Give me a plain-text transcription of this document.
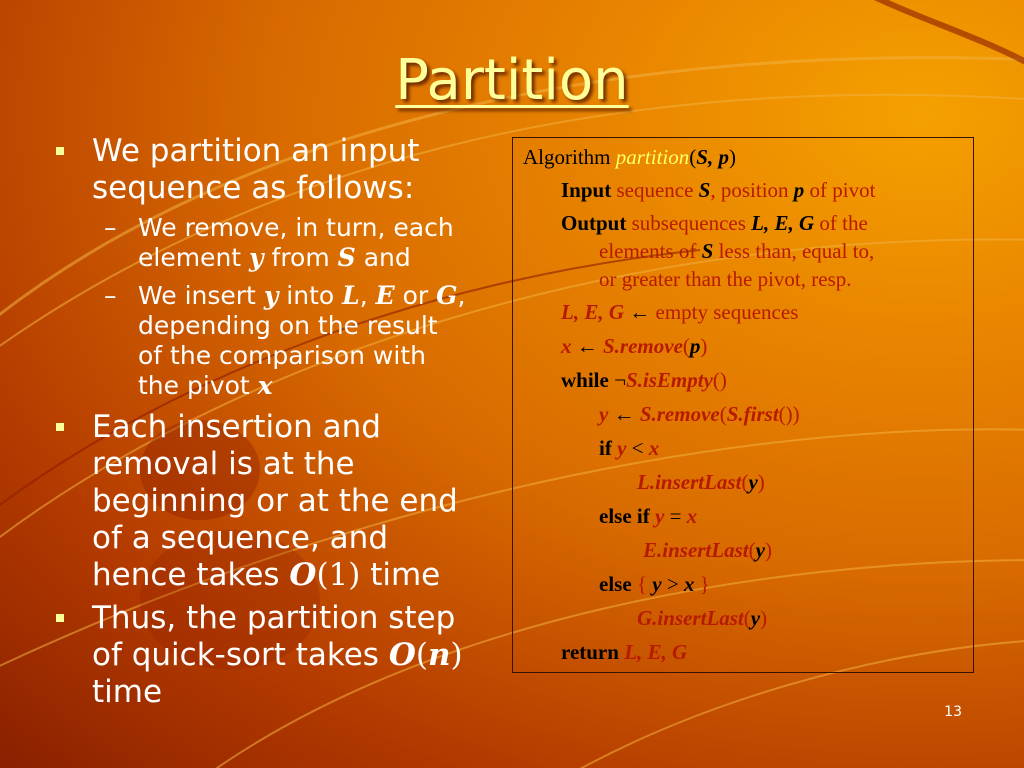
Partition
We partition an input
sequence as follows:
– We remove, in turn, each
element y from S and
– We insert y into L, E or G,
depending on the result
of the comparison with
the pivot x
Each insertion and
removal is at the
beginning or at the end
of a sequence, and
hence takes O(1) time
Thus, the partition step
of quick-sort takes O(n)
time
Algorithm partition(S, p)
Input sequence S, position p of pivot
Output subsequences L, E, G of the
elements of S less than, equal to,
or greater than the pivot, resp.
L, E, G ← empty sequences
x ← S.remove(p)
while ¬S.isEmpty()
y ← S.remove(S.first())
if y < x
L.insertLast(y)
else if y = x
E.insertLast(y)
else { y > x }
G.insertLast(y)
return L, E, G
13
